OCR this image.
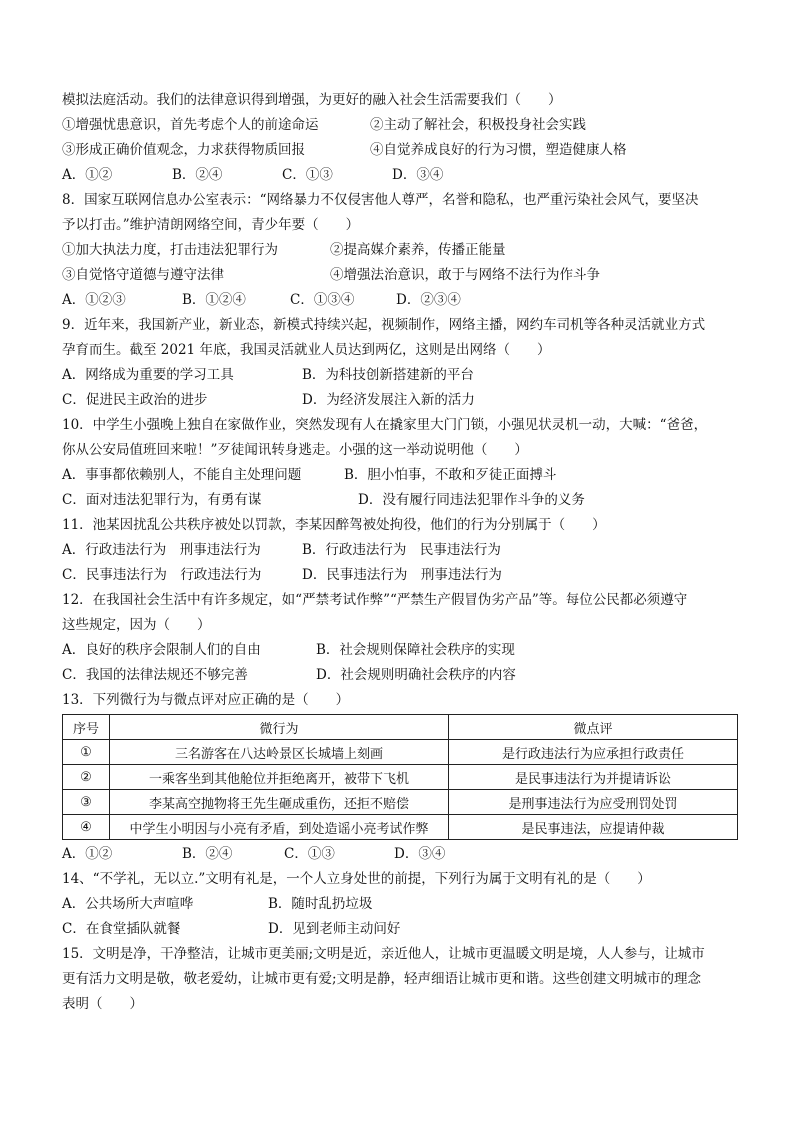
模拟法庭活动。我们的法律意识得到增强，为更好的融入社会生活需要我们（　　）
①增强忧患意识，首先考虑个人的前途命运	②主动了解社会，积极投身社会实践
③形成正确价值观念，力求获得物质回报	④自觉养成良好的行为习惯，塑造健康人格
A．①②	B．②④	C．①③	D．③④
8．国家互联网信息办公室表示：“网络暴力不仅侵害他人尊严，名誉和隐私，也严重污染社会风气，要坚决
予以打击。”维护清朗网络空间，青少年要（　　）
①加大执法力度，打击违法犯罪行为	②提高媒介素养，传播正能量
③自觉恪守道德与遵守法律	④增强法治意识，敢于与网络不法行为作斗争
A．①②③	B．①②④	C．①③④	D．②③④
9．近年来，我国新产业，新业态，新模式持续兴起，视频制作，网络主播，网约车司机等各种灵活就业方式
孕育而生。截至 2021 年底，我国灵活就业人员达到两亿，这则是出网络（　　）
A．网络成为重要的学习工具	B．为科技创新搭建新的平台
C．促进民主政治的进步	D．为经济发展注入新的活力
10．中学生小强晚上独自在家做作业，突然发现有人在撬家里大门门锁，小强见状灵机一动，大喊：“爸爸，
你从公安局值班回来啦！”歹徒闻讯转身逃走。小强的这一举动说明他（　　）
A．事事都依赖别人，不能自主处理问题	B．胆小怕事，不敢和歹徒正面搏斗
C．面对违法犯罪行为，有勇有谋	D．没有履行同违法犯罪作斗争的义务
11．池某因扰乱公共秩序被处以罚款，李某因醉驾被处拘役，他们的行为分别属于（　　）
A．行政违法行为　刑事违法行为	B．行政违法行为　民事违法行为
C．民事违法行为　行政违法行为	D．民事违法行为　刑事违法行为
12．在我国社会生活中有许多规定，如“严禁考试作弊”“严禁生产假冒伪劣产品”等。每位公民都必须遵守
这些规定，因为（　　）
A．良好的秩序会限制人们的自由	B．社会规则保障社会秩序的实现
C．我国的法律法规还不够完善	D．社会规则明确社会秩序的内容
13．下列微行为与微点评对应正确的是（　　）
序号	微行为	微点评
①	三名游客在八达岭景区长城墙上刻画	是行政违法行为应承担行政责任
②	一乘客坐到其他舱位并拒绝离开，被带下飞机	是民事违法行为并提请诉讼
③	李某高空抛物将王先生砸成重伤，还拒不赔偿	是刑事违法行为应受刑罚处罚
④	中学生小明因与小亮有矛盾，到处造谣小亮考试作弊	是民事违法，应提请仲裁
A．①②	B．②④	C．①③	D．③④
14、“不学礼，无以立.”文明有礼是，一个人立身处世的前提，下列行为属于文明有礼的是（　　）
A．公共场所大声喧哗	B．随时乱扔垃圾
C．在食堂插队就餐	D．见到老师主动问好
15．文明是净，干净整洁，让城市更美丽;文明是近，亲近他人，让城市更温暖文明是境，人人参与，让城市
更有活力文明是敬，敬老爱幼，让城市更有爱;文明是静，轻声细语让城市更和谐。这些创建文明城市的理念
表明（　　）
